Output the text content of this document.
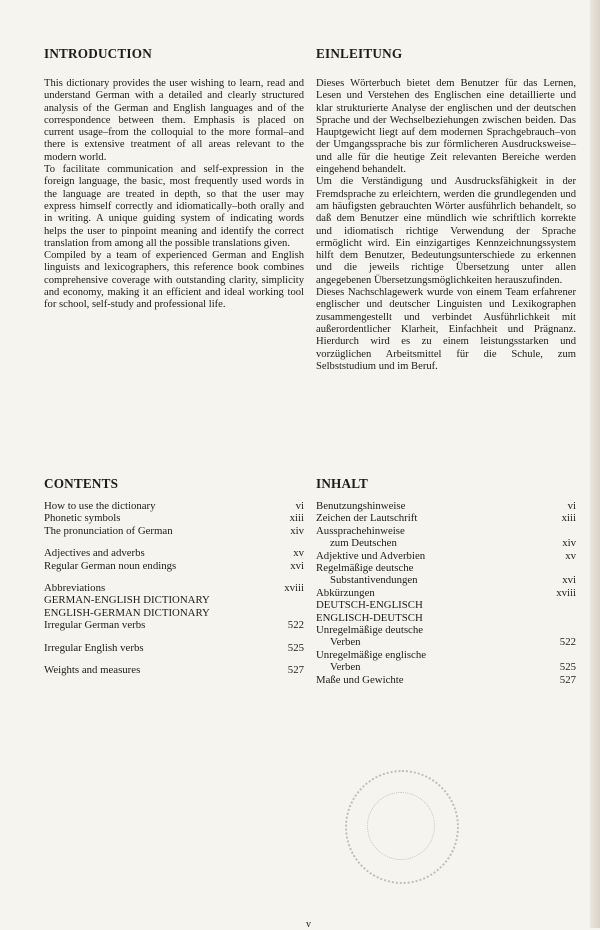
INTRODUCTION

This dictionary provides the user wishing to learn, read and understand German with a detailed and clearly structured analysis of the German and English languages and of the correspondence between them. Emphasis is placed on current usage–from the colloquial to the more formal–and there is extensive treatment of all areas relevant to the modern world.

To facilitate communication and self-expression in the foreign language, the basic, most frequently used words in the language are treated in depth, so that the user may express himself correctly and idiomatically–both orally and in writing. A unique guiding system of indicating words helps the user to pinpoint meaning and identify the correct translation from among all the possible translations given.

Compiled by a team of experienced German and English linguists and lexicographers, this reference book combines comprehensive coverage with outstanding clarity, simplicity and economy, making it an efficient and ideal working tool for school, self-study and professional life.

EINLEITUNG

Dieses Wörterbuch bietet dem Benutzer für das Lernen, Lesen und Verstehen des Englischen eine detaillierte und klar strukturierte Analyse der englischen und der deutschen Sprache und der Wechselbeziehungen zwischen beiden. Das Hauptgewicht liegt auf dem modernen Sprachgebrauch–von der Umgangssprache bis zur förmlicheren Ausdrucksweise–und alle für die heutige Zeit relevanten Bereiche werden eingehend behandelt.

Um die Verständigung und Ausdrucksfähigkeit in der Fremdsprache zu erleichtern, werden die grundlegenden und am häufigsten gebrauchten Wörter ausführlich behandelt, so daß dem Benutzer eine mündlich wie schriftlich korrekte und idiomatisch richtige Verwendung der Sprache ermöglicht wird. Ein einzigartiges Kennzeichnungssystem hilft dem Benutzer, Bedeutungsunterschiede zu erkennen und die jeweils richtige Übersetzung unter allen angegebenen Übersetzungsmöglichkeiten herauszufinden.

Dieses Nachschlagewerk wurde von einem Team erfahrener englischer und deutscher Linguisten und Lexikographen zusammengestellt und verbindet Ausführlichkeit mit außerordentlicher Klarheit, Einfachheit und Prägnanz. Hierdurch wird es zu einem leistungsstarken und vorzüglichen Arbeitsmittel für die Schule, zum Selbststudium und im Beruf.

CONTENTS
How to use the dictionary	vi
Phonetic symbols	xiii
The pronunciation of German	xiv
Adjectives and adverbs	xv
Regular German noun endings	xvi
Abbreviations	xviii
GERMAN-ENGLISH DICTIONARY
ENGLISH-GERMAN DICTIONARY
Irregular German verbs	522
Irregular English verbs	525
Weights and measures	527
INHALT
Benutzungshinweise	vi
Zeichen der Lautschrift	xiii
Aussprachehinweise
zum Deutschen	xiv
Adjektive und Adverbien	xv
Regelmäßige deutsche
Substantivendungen	xvi
Abkürzungen	xviii
DEUTSCH-ENGLISCH
ENGLISCH-DEUTSCH
Unregelmäßige deutsche
Verben	522
Unregelmäßige englische
Verben	525
Maße und Gewichte	527
v
